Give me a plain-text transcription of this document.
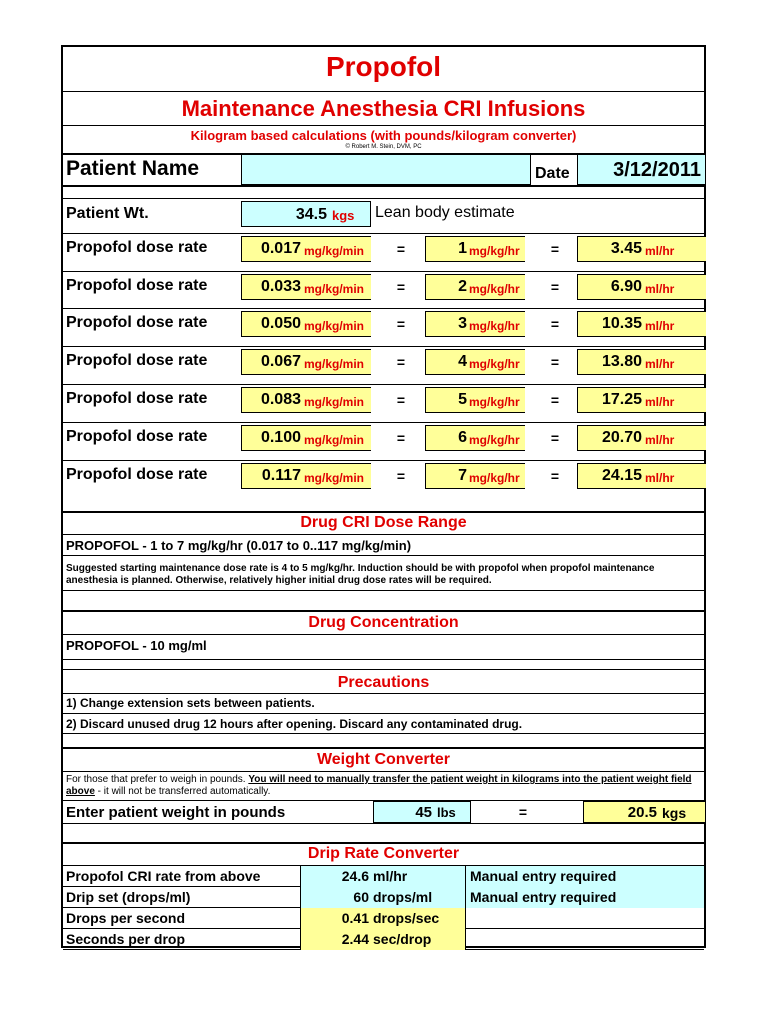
Propofol
Maintenance Anesthesia CRI Infusions
Kilogram based calculations (with pounds/kilogram converter)
© Robert M. Stein, DVM, PC
Patient Name	Date	3/12/2011
Patient Wt.	34.5 kgs Lean body estimate
Propofol dose rate	0.017 mg/kg/min	=	1 mg/kg/hr	=	3.45 ml/hr
Propofol dose rate	0.033 mg/kg/min	=	2 mg/kg/hr	=	6.90 ml/hr
Propofol dose rate	0.050 mg/kg/min	=	3 mg/kg/hr	=	10.35 ml/hr
Propofol dose rate	0.067 mg/kg/min	=	4 mg/kg/hr	=	13.80 ml/hr
Propofol dose rate	0.083 mg/kg/min	=	5 mg/kg/hr	=	17.25 ml/hr
Propofol dose rate	0.100 mg/kg/min	=	6 mg/kg/hr	=	20.70 ml/hr
Propofol dose rate	0.117 mg/kg/min	=	7 mg/kg/hr	=	24.15 ml/hr
Drug CRI Dose Range
PROPOFOL - 1 to 7 mg/kg/hr (0.017 to 0..117 mg/kg/min)
Suggested starting maintenance dose rate is 4 to 5 mg/kg/hr. Induction should be with propofol when propofol maintenance anesthesia is planned. Otherwise, relatively higher initial drug dose rates will be required.
Drug Concentration
PROPOFOL - 10 mg/ml
Precautions
1) Change extension sets between patients.
2) Discard unused drug 12 hours after opening. Discard any contaminated drug.
Weight Converter
For those that prefer to weigh in pounds. You will need to manually transfer the patient weight in kilograms into the patient weight field above - it will not be transferred automatically.
Enter patient weight in pounds	45 lbs	=	20.5 kgs
Drip Rate Converter
Propofol CRI rate from above	24.6 ml/hr	Manual entry required
Drip set (drops/ml)	60 drops/ml	Manual entry required
Drops per second	0.41 drops/sec
Seconds per drop	2.44 sec/drop
